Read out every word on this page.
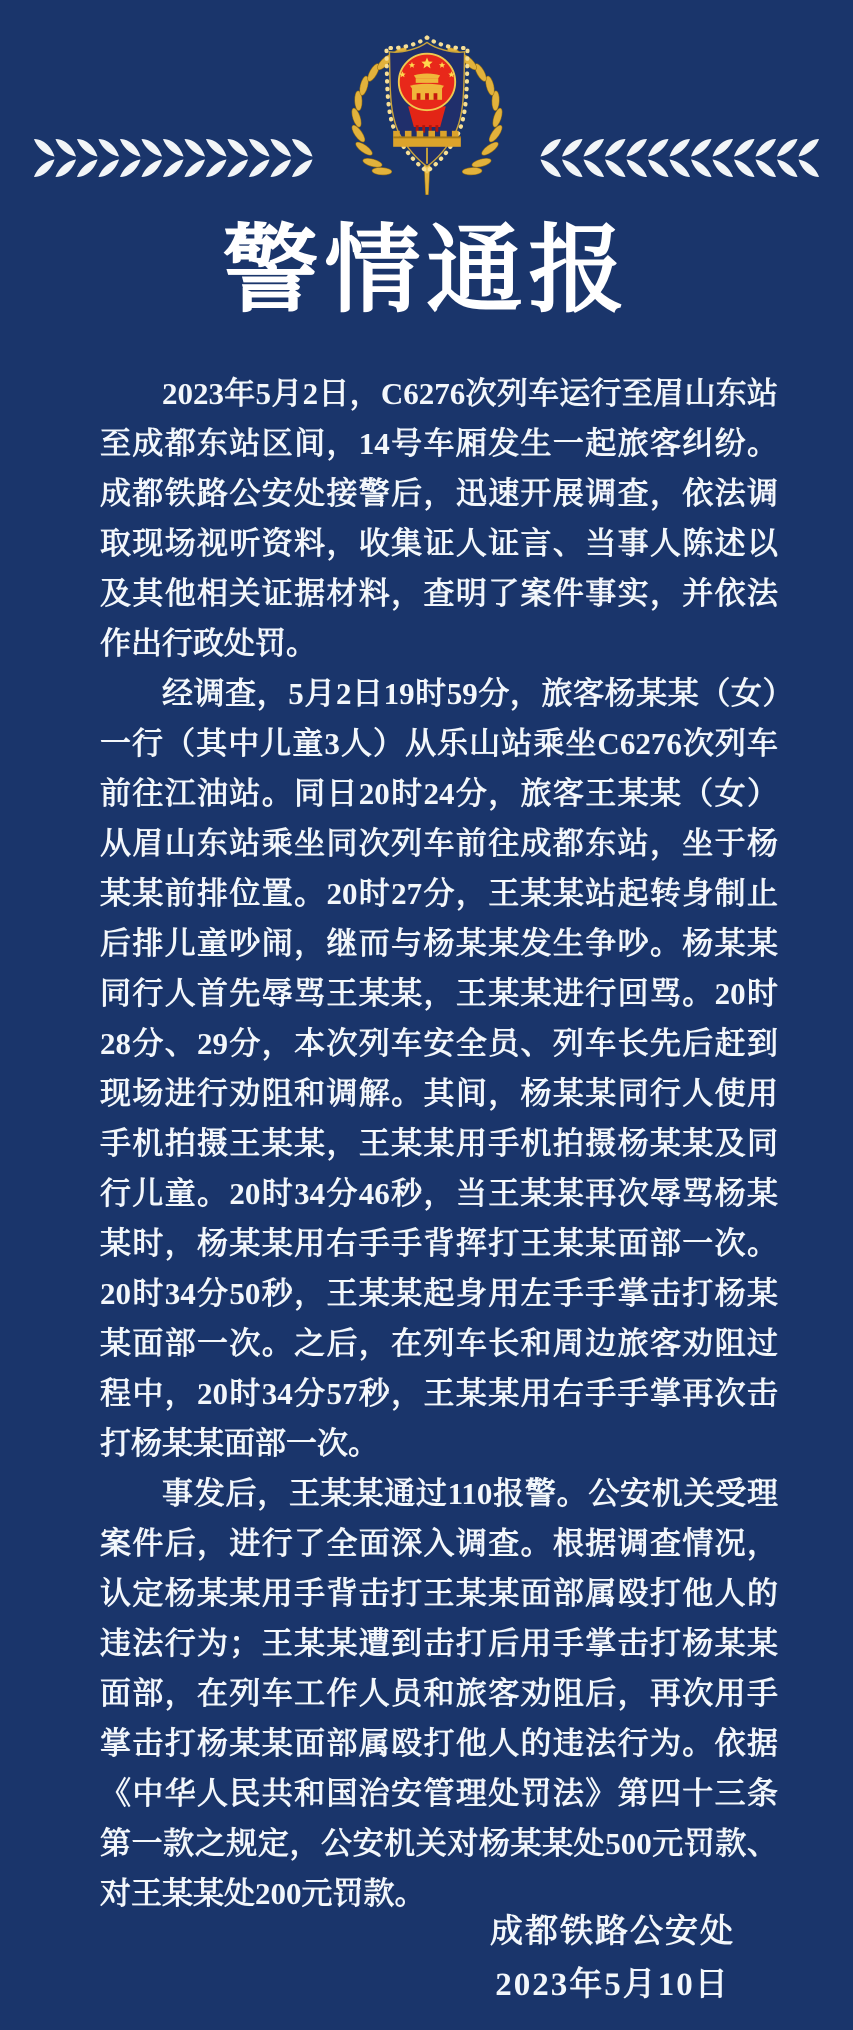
警情通报

2023年5月2日，C6276次列车运行至眉山东站至成都东站区间，14号车厢发生一起旅客纠纷。成都铁路公安处接警后，迅速开展调查，依法调取现场视听资料，收集证人证言、当事人陈述以及其他相关证据材料，查明了案件事实，并依法作出行政处罚。

经调查，5月2日19时59分，旅客杨某某（女）一行（其中儿童3人）从乐山站乘坐C6276次列车前往江油站。同日20时24分，旅客王某某（女）从眉山东站乘坐同次列车前往成都东站，坐于杨某某前排位置。20时27分，王某某站起转身制止后排儿童吵闹，继而与杨某某发生争吵。杨某某同行人首先辱骂王某某，王某某进行回骂。20时28分、29分，本次列车安全员、列车长先后赶到现场进行劝阻和调解。其间，杨某某同行人使用手机拍摄王某某，王某某用手机拍摄杨某某及同行儿童。20时34分46秒，当王某某再次辱骂杨某某时，杨某某用右手手背挥打王某某面部一次。20时34分50秒，王某某起身用左手手掌击打杨某某面部一次。之后，在列车长和周边旅客劝阻过程中，20时34分57秒，王某某用右手手掌再次击打杨某某面部一次。

事发后，王某某通过110报警。公安机关受理案件后，进行了全面深入调查。根据调查情况，认定杨某某用手背击打王某某面部属殴打他人的违法行为；王某某遭到击打后用手掌击打杨某某面部，在列车工作人员和旅客劝阻后，再次用手掌击打杨某某面部属殴打他人的违法行为。依据《中华人民共和国治安管理处罚法》第四十三条第一款之规定，公安机关对杨某某处500元罚款、对王某某处200元罚款。

成都铁路公安处
2023年5月10日
